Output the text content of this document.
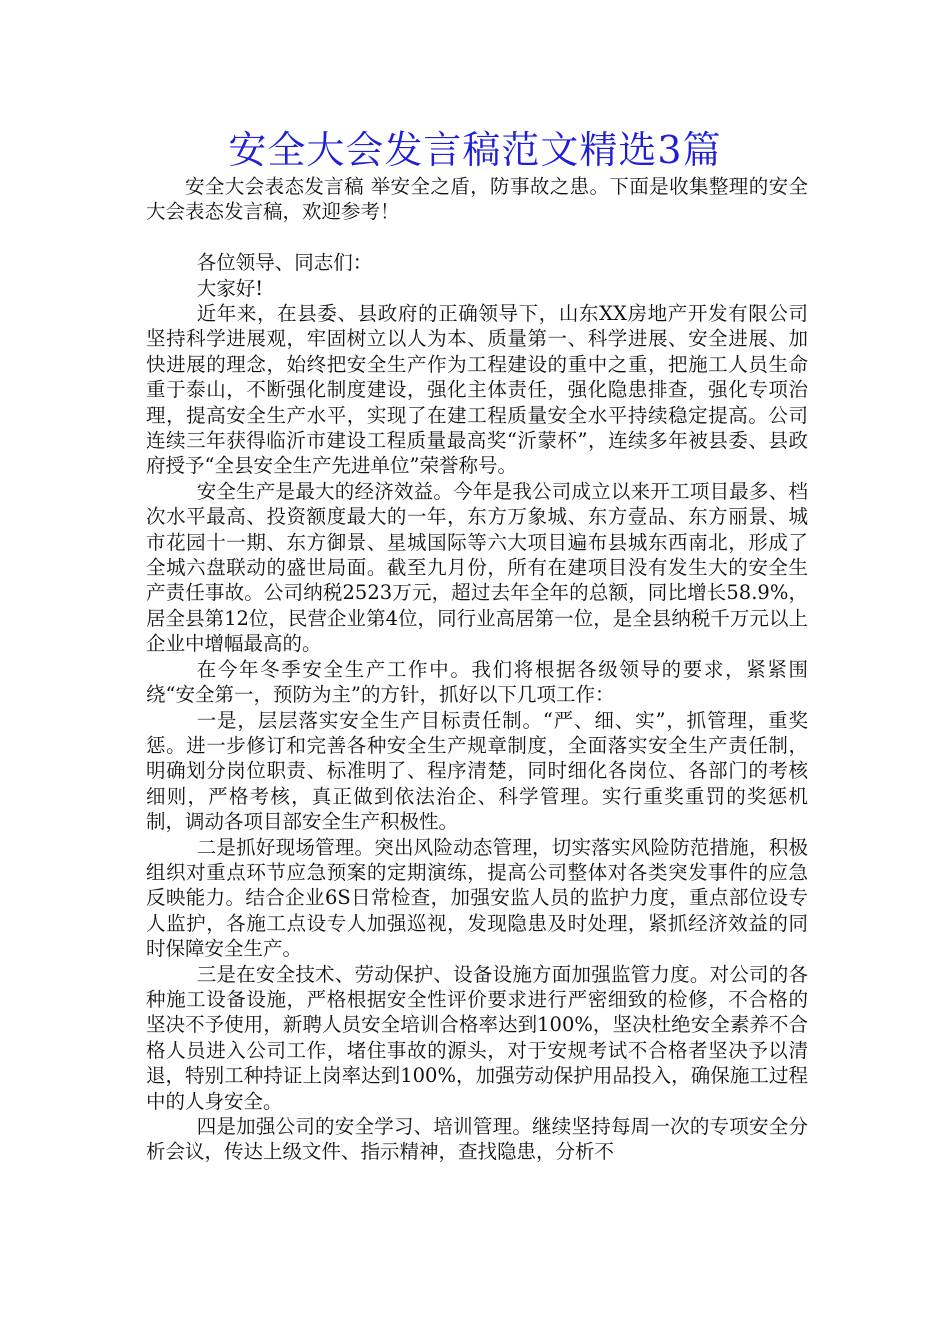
安全大会发言稿范文精选3篇

安全大会表态发言稿 举安全之盾，防事故之患。下面是收集整理的安全大会表态发言稿，欢迎参考！

各位领导、同志们：

大家好!

近年来，在县委、县政府的正确领导下，山东XX房地产开发有限公司坚持科学进展观，牢固树立以人为本、质量第一、科学进展、安全进展、加快进展的理念，始终把安全生产作为工程建设的重中之重，把施工人员生命重于泰山，不断强化制度建设，强化主体责任，强化隐患排查，强化专项治理，提高安全生产水平，实现了在建工程质量安全水平持续稳定提高。公司连续三年获得临沂市建设工程质量最高奖“沂蒙杯”，连续多年被县委、县政府授予“全县安全生产先进单位”荣誉称号。

安全生产是最大的经济效益。今年是我公司成立以来开工项目最多、档次水平最高、投资额度最大的一年，东方万象城、东方壹品、东方丽景、城市花园十一期、东方御景、星城国际等六大项目遍布县城东西南北，形成了全城六盘联动的盛世局面。截至九月份，所有在建项目没有发生大的安全生产责任事故。公司纳税2523万元，超过去年全年的总额，同比增长58.9%，居全县第12位，民营企业第4位，同行业高居第一位，是全县纳税千万元以上企业中增幅最高的。

在今年冬季安全生产工作中。我们将根据各级领导的要求，紧紧围绕“安全第一，预防为主”的方针，抓好以下几项工作：

一是，层层落实安全生产目标责任制。“严、细、实”，抓管理，重奖惩。进一步修订和完善各种安全生产规章制度，全面落实安全生产责任制，明确划分岗位职责、标准明了、程序清楚，同时细化各岗位、各部门的考核细则，严格考核，真正做到依法治企、科学管理。实行重奖重罚的奖惩机制，调动各项目部安全生产积极性。

二是抓好现场管理。突出风险动态管理，切实落实风险防范措施，积极组织对重点环节应急预案的定期演练，提高公司整体对各类突发事件的应急反映能力。结合企业6S日常检查，加强安监人员的监护力度，重点部位设专人监护，各施工点设专人加强巡视，发现隐患及时处理，紧抓经济效益的同时保障安全生产。

三是在安全技术、劳动保护、设备设施方面加强监管力度。对公司的各种施工设备设施，严格根据安全性评价要求进行严密细致的检修，不合格的坚决不予使用，新聘人员安全培训合格率达到100%，坚决杜绝安全素养不合格人员进入公司工作，堵住事故的源头，对于安规考试不合格者坚决予以清退，特别工种持证上岗率达到100%，加强劳动保护用品投入，确保施工过程中的人身安全。

四是加强公司的安全学习、培训管理。继续坚持每周一次的专项安全分析会议，传达上级文件、指示精神，查找隐患，分析不
